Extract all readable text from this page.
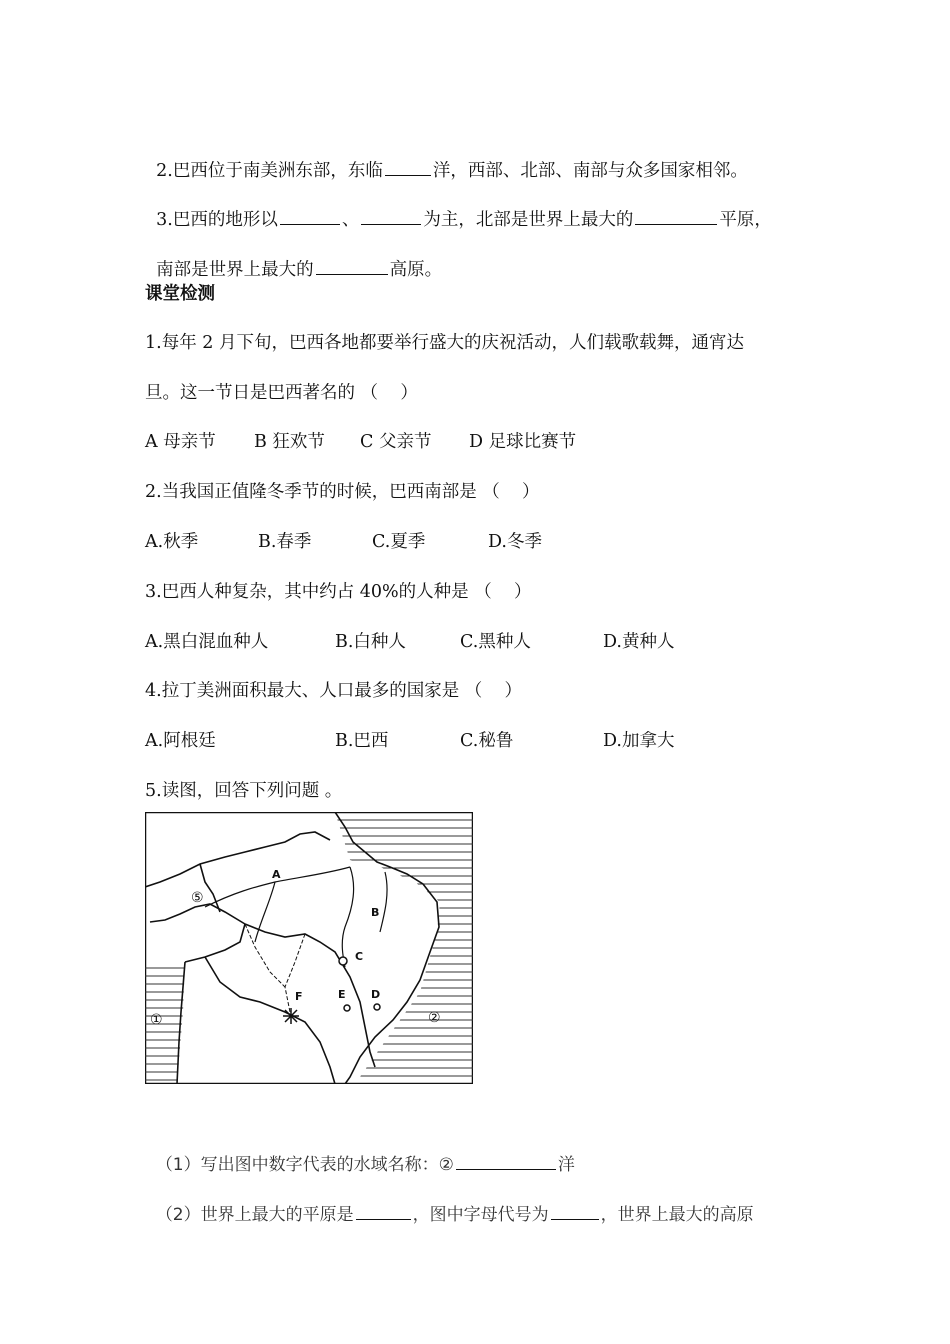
2.巴西位于南美洲东部，东临	洋，西部、北部、南部与众多国家相邻。

3.巴西的地形以	、	为主，北部是世界上最大的	平原，

南部是世界上最大的	高原。

课堂检测
1.每年 2 月下旬，巴西各地都要举行盛大的庆祝活动，人们载歌载舞，通宵达
旦。这一节日是巴西著名的 （    ）
A 母亲节 B 狂欢节 C 父亲节 D 足球比赛节
2.当我国正值隆冬季节的时候，巴西南部是 （    ）
A.秋季	B.春季	C.夏季	D.冬季
3.巴西人种复杂，其中约占 40%的人种是 （    ）
A.黑白混血种人	B.白种人	C.黑种人	D.黄种人
4.拉丁美洲面积最大、人口最多的国家是 （    ）
A.阿根廷	B.巴西	C.秘鲁	D.加拿大
5.读图，回答下列问题 。
A
B
C
D
E
F
⑤
①	②

（1）写出图中数字代表的水域名称：②	洋

（2）世界上最大的平原是	，图中字母代号为	，世界上最大的高原
